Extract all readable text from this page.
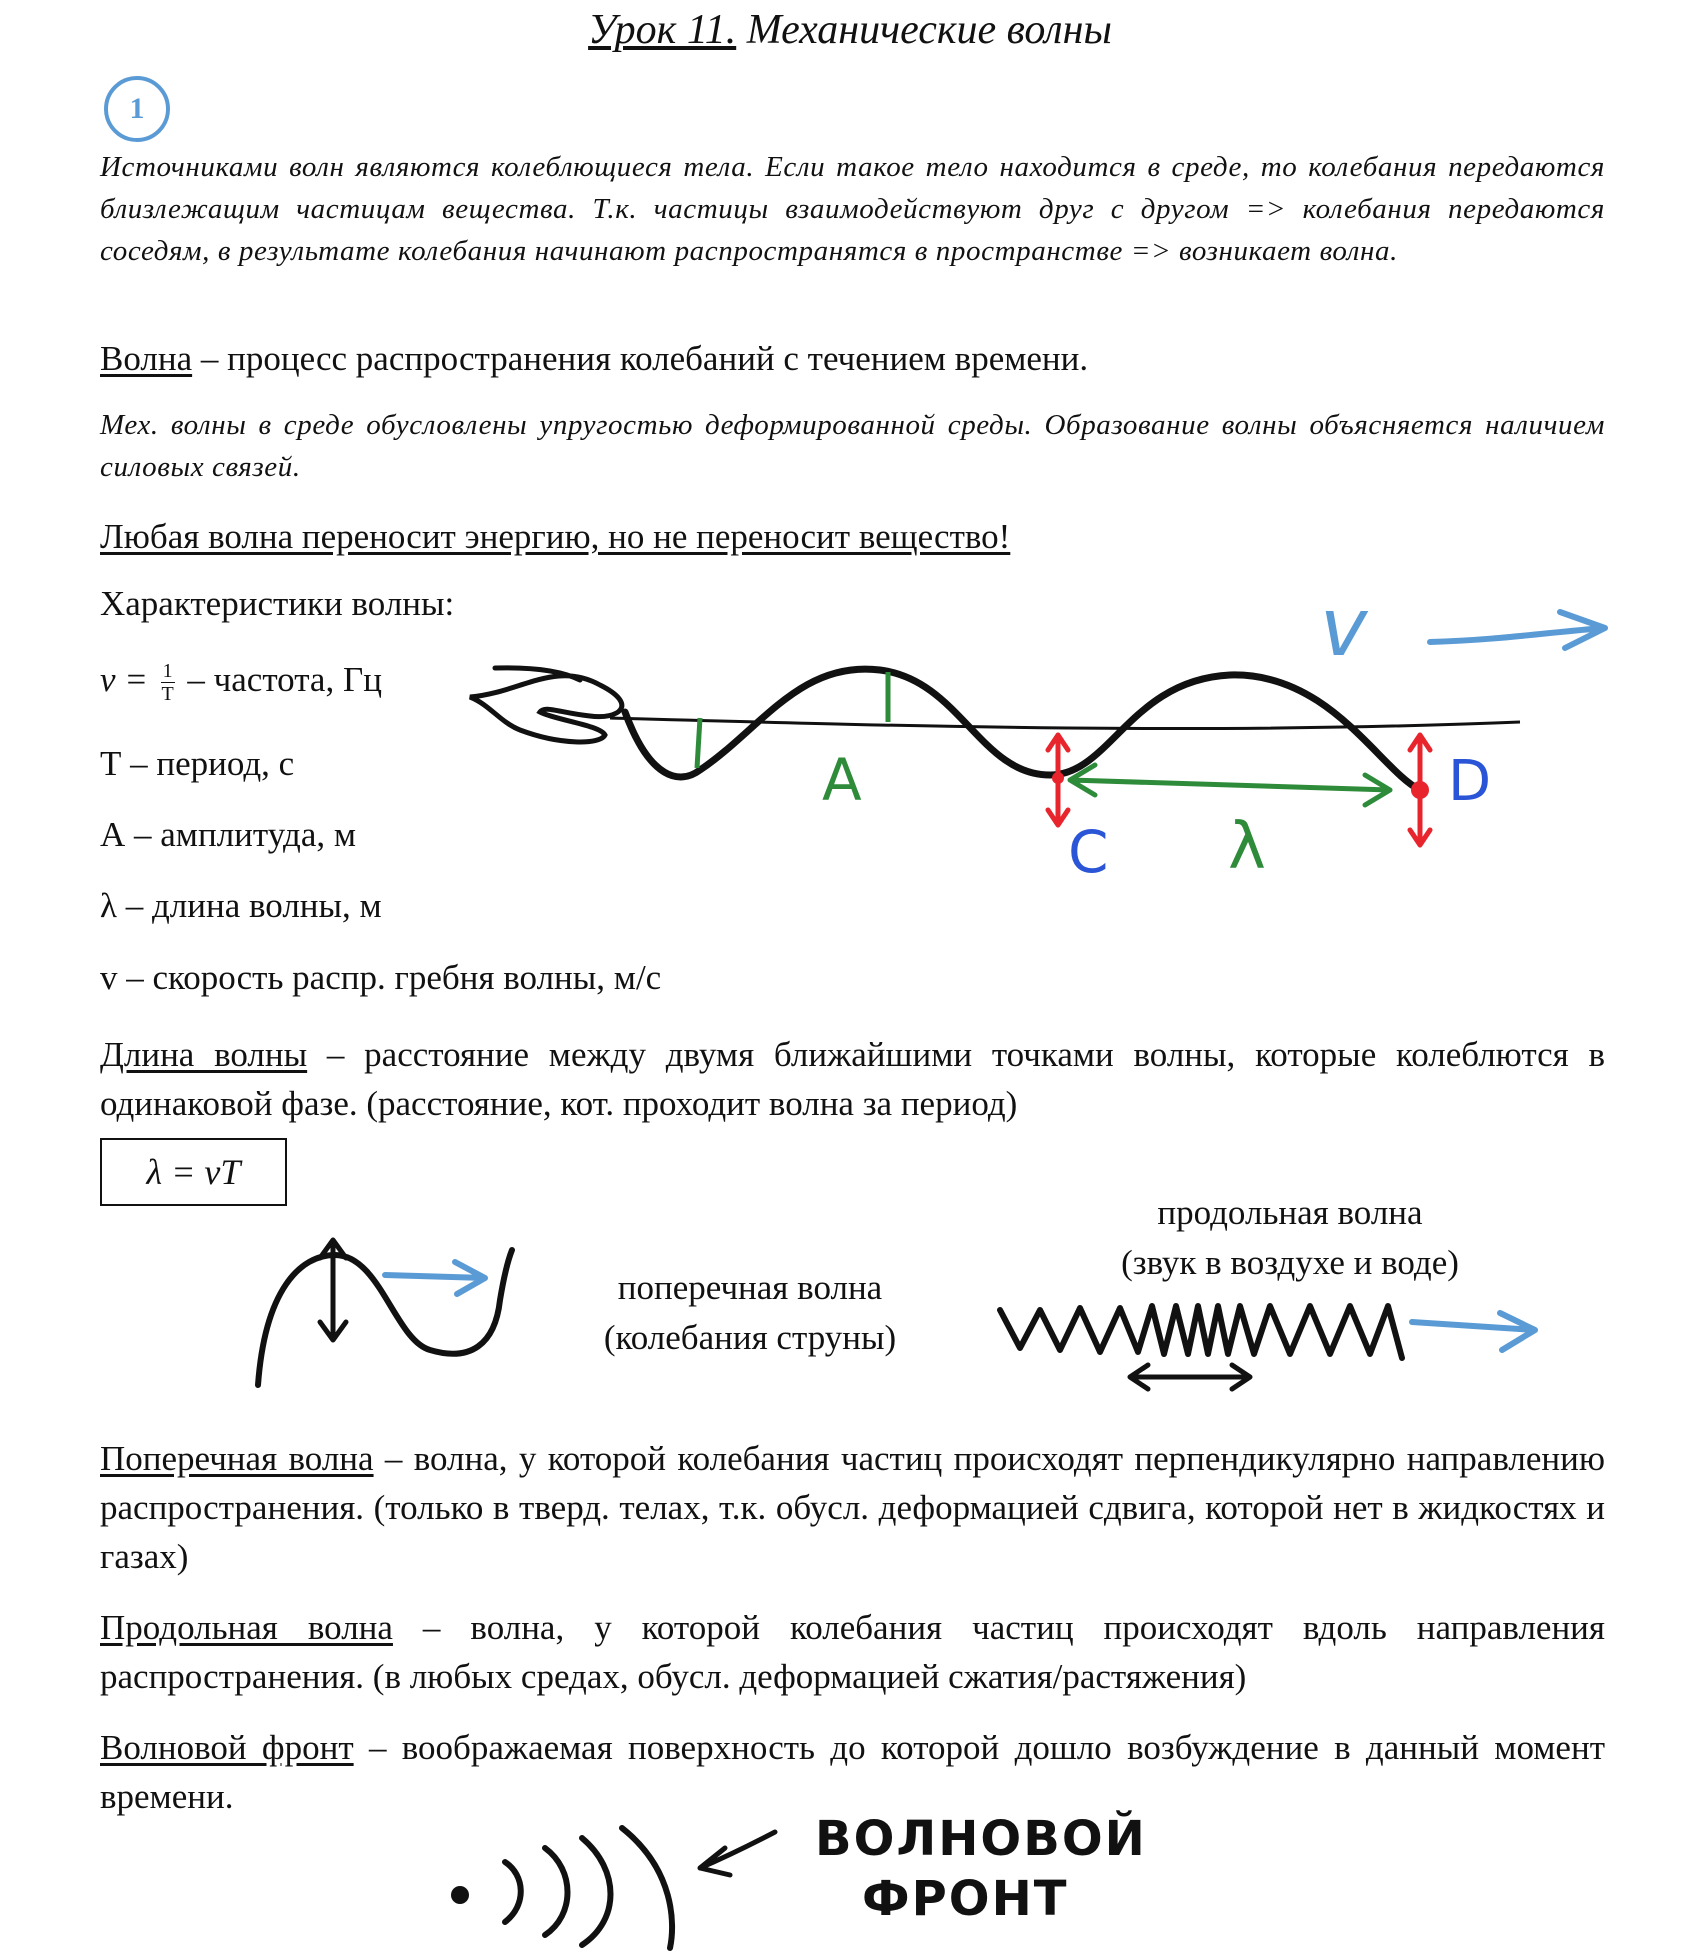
Урок 11. Механические волны
1
Источниками волн являются колеблющиеся тела. Если такое тело находится в среде, то колебания передаются близлежащим частицам вещества. Т.к. частицы взаимодействуют друг с другом => колебания передаются соседям, в результате колебания начинают распространятся в пространстве => возникает волна.
Волна – процесс распространения колебаний с течением времени.
Мех. волны в среде обусловлены упругостью деформированной среды. Образование волны объясняется наличием силовых связей.
Любая волна переносит энергию, но не переносит вещество!
Характеристики волны:
$\nu = \frac{1}{T}$ – частота, Гц
Т – период, с
А – амплитуда, м
λ – длина волны, м
v – скорость распр. гребня волны, м/с
v
A
C
D
λ
Длина волны – расстояние между двумя ближайшими точками волны, которые колеблются в одинаковой фазе. (расстояние, кот. проходит волна за период)
λ = vT
поперечная волна
(колебания струны)
продольная волна
(звук в воздухе и воде)
Поперечная волна – волна, у которой колебания частиц происходят перпендикулярно направлению распространения. (только в тверд. телах, т.к. обусл. деформацией сдвига, которой нет в жидкостях и газах)
Продольная волна – волна, у которой колебания частиц происходят вдоль направления распространения. (в любых средах, обусл. деформацией сжатия/растяжения)
Волновой фронт – воображаемая поверхность до которой дошло возбуждение в данный момент времени.
ВОЛНОВОЙ
ФРОНТ
